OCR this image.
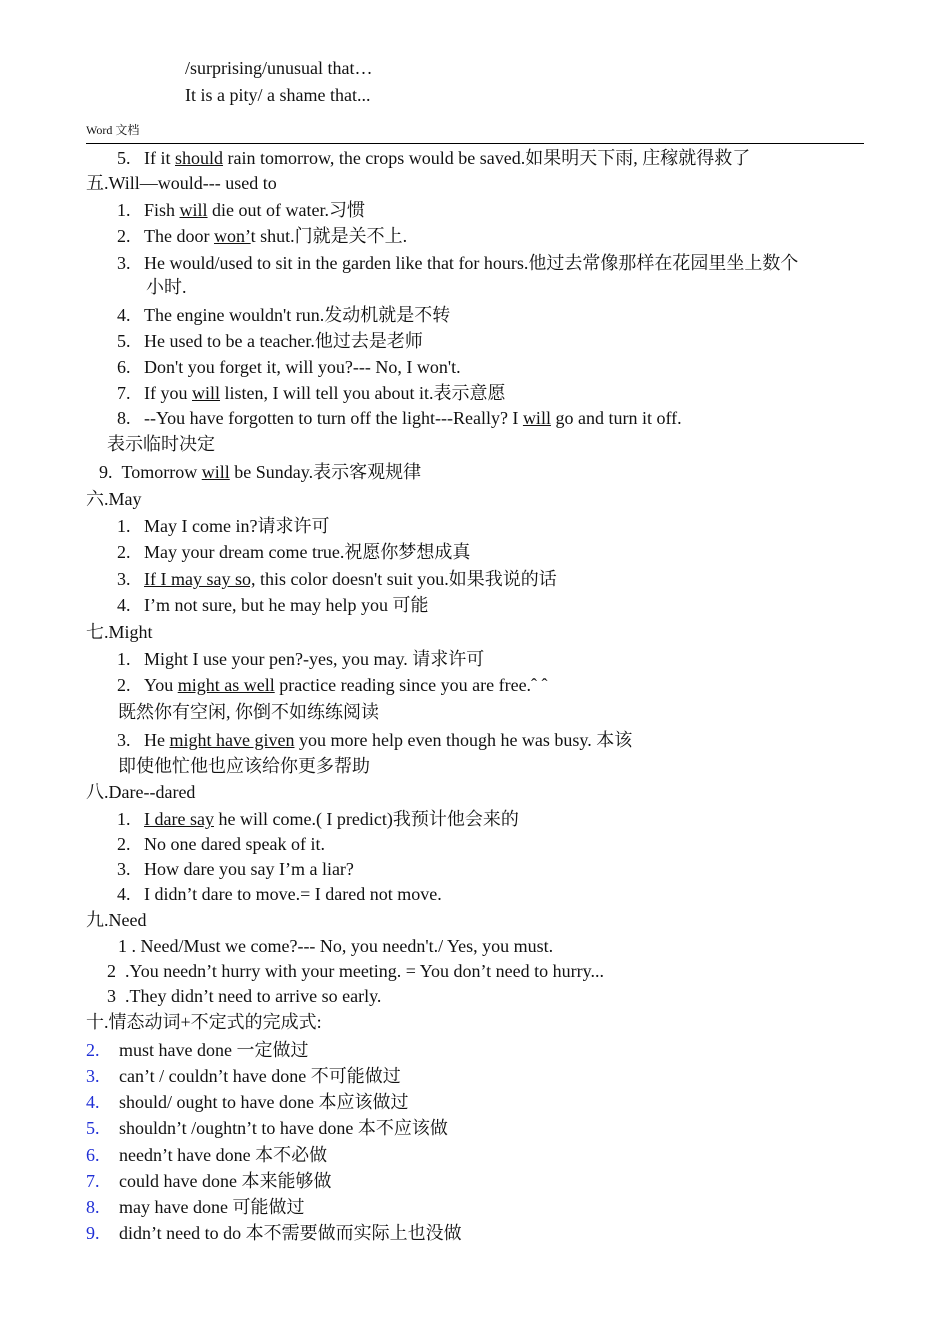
/surprising/unusual that…
It is a pity/ a shame that...
Word 文档
5. If it should rain tomorrow, the crops would be saved.如果明天下雨, 庄稼就得救了
五.Will—would--- used to
1. Fish will die out of water.习惯
2. The door won’t shut.门就是关不上.
3. He would/used to sit in the garden like that for hours.他过去常像那样在花园里坐上数个
小时.
4. The engine wouldn't run.发动机就是不转
5. He used to be a teacher.他过去是老师
6. Don't you forget it, will you?--- No, I won't.
7. If you will listen, I will tell you about it.表示意愿
8. --You have forgotten to turn off the light---Really? I will go and turn it off.
表示临时决定
9. Tomorrow will be Sunday.表示客观规律
六.May
1. May I come in?请求许可
2. May your dream come true.祝愿你梦想成真
3. If I may say so, this color doesn't suit you.如果我说的话
4. I’m not sure, but he may help you 可能
七.Might
1. Might I use your pen?-yes, you may. 请求许可
2. You might as well practice reading since you are free.ˆ ˆ
既然你有空闲, 你倒不如练练阅读
3. He might have given you more help even though he was busy. 本该
即使他忙他也应该给你更多帮助
八.Dare--dared
1. I dare say he will come.( I predict)我预计他会来的
2. No one dared speak of it.
3. How dare you say I’m a liar?
4. I didn’t dare to move.= I dared not move.
九.Need
1 . Need/Must we come?--- No, you needn't./ Yes, you must.
2  .You needn’t hurry with your meeting. = You don’t need to hurry...
3  .They didn’t need to arrive so early.
十.情态动词+不定式的完成式:
2. must have done 一定做过
3. can’t / couldn’t have done 不可能做过
4. should/ ought to have done 本应该做过
5. shouldn’t /oughtn’t to have done 本不应该做
6. needn’t have done 本不必做
7. could have done 本来能够做
8. may have done 可能做过
9. didn’t need to do 本不需要做而实际上也没做
